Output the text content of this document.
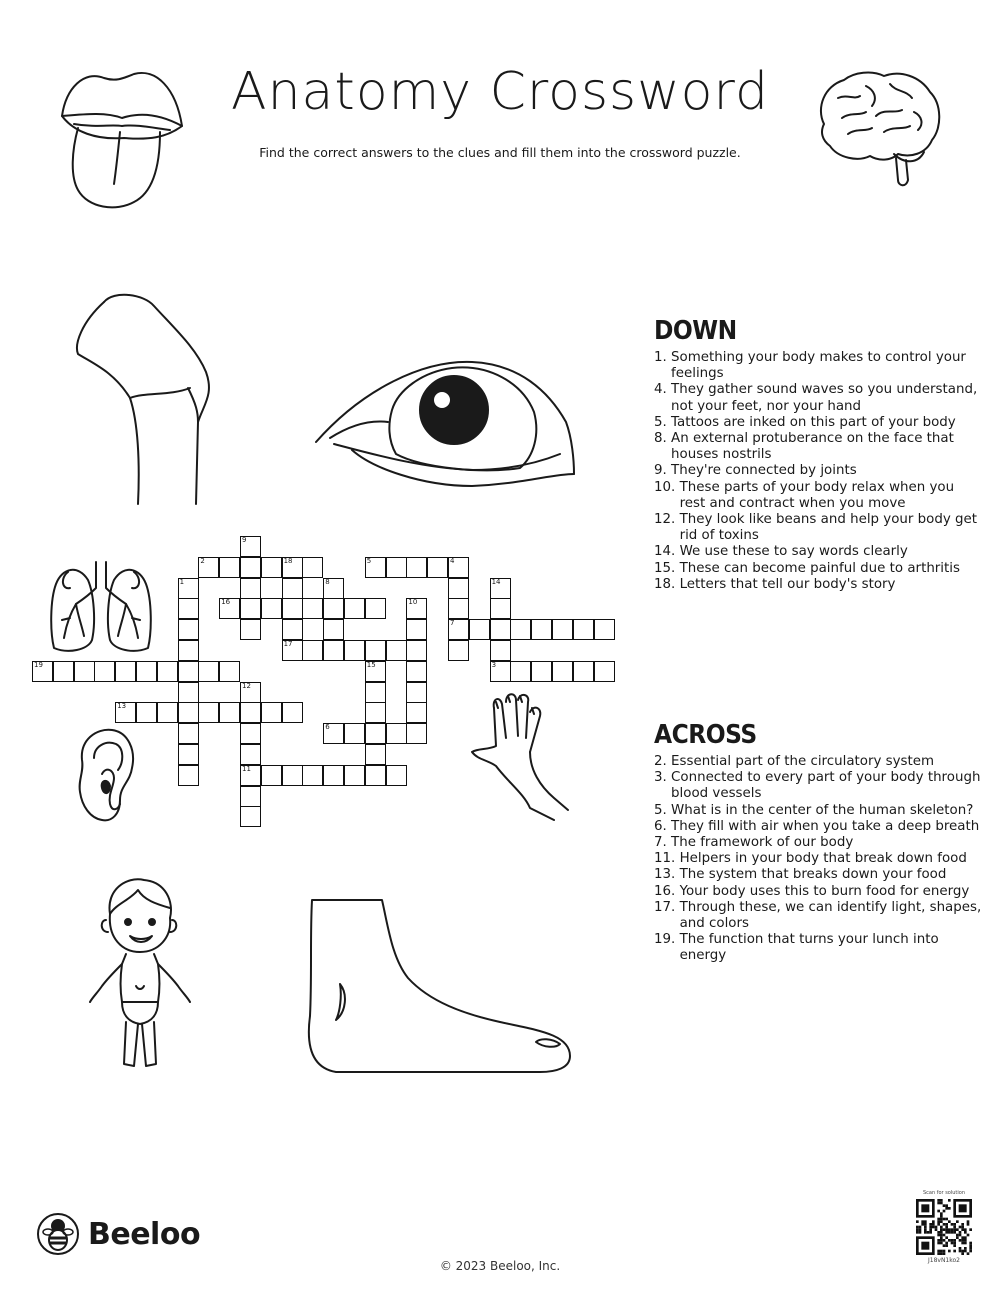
Anatomy Crossword
Find the correct answers to the clues and fill them into the crossword puzzle.
9
2	18
17
5	4
7
1	8	14
16	10
19	15	3
12
11
13
6
DOWN
1. Something your body makes to control your feelings
4. They gather sound waves so you understand, not your feet, nor your hand
5. Tattoos are inked on this part of your body
8. An external protuberance on the face that houses nostrils
9. They're connected by joints
10. These parts of your body relax when you rest and contract when you move
12. They look like beans and help your body get rid of toxins
14. We use these to say words clearly
15. These can become painful due to arthritis
18. Letters that tell our body's story
ACROSS
2. Essential part of the circulatory system
3. Connected to every part of your body through blood vessels
5. What is in the center of the human skeleton?
6. They fill with air when you take a deep breath
7. The framework of our body
11. Helpers in your body that break down food
13. The system that breaks down your food
16. Your body uses this to burn food for energy
17. Through these, we can identify light, shapes, and colors
19. The function that turns your lunch into energy
Beeloo
© 2023 Beeloo, Inc.
Scan for solution
J18vN1ko2
